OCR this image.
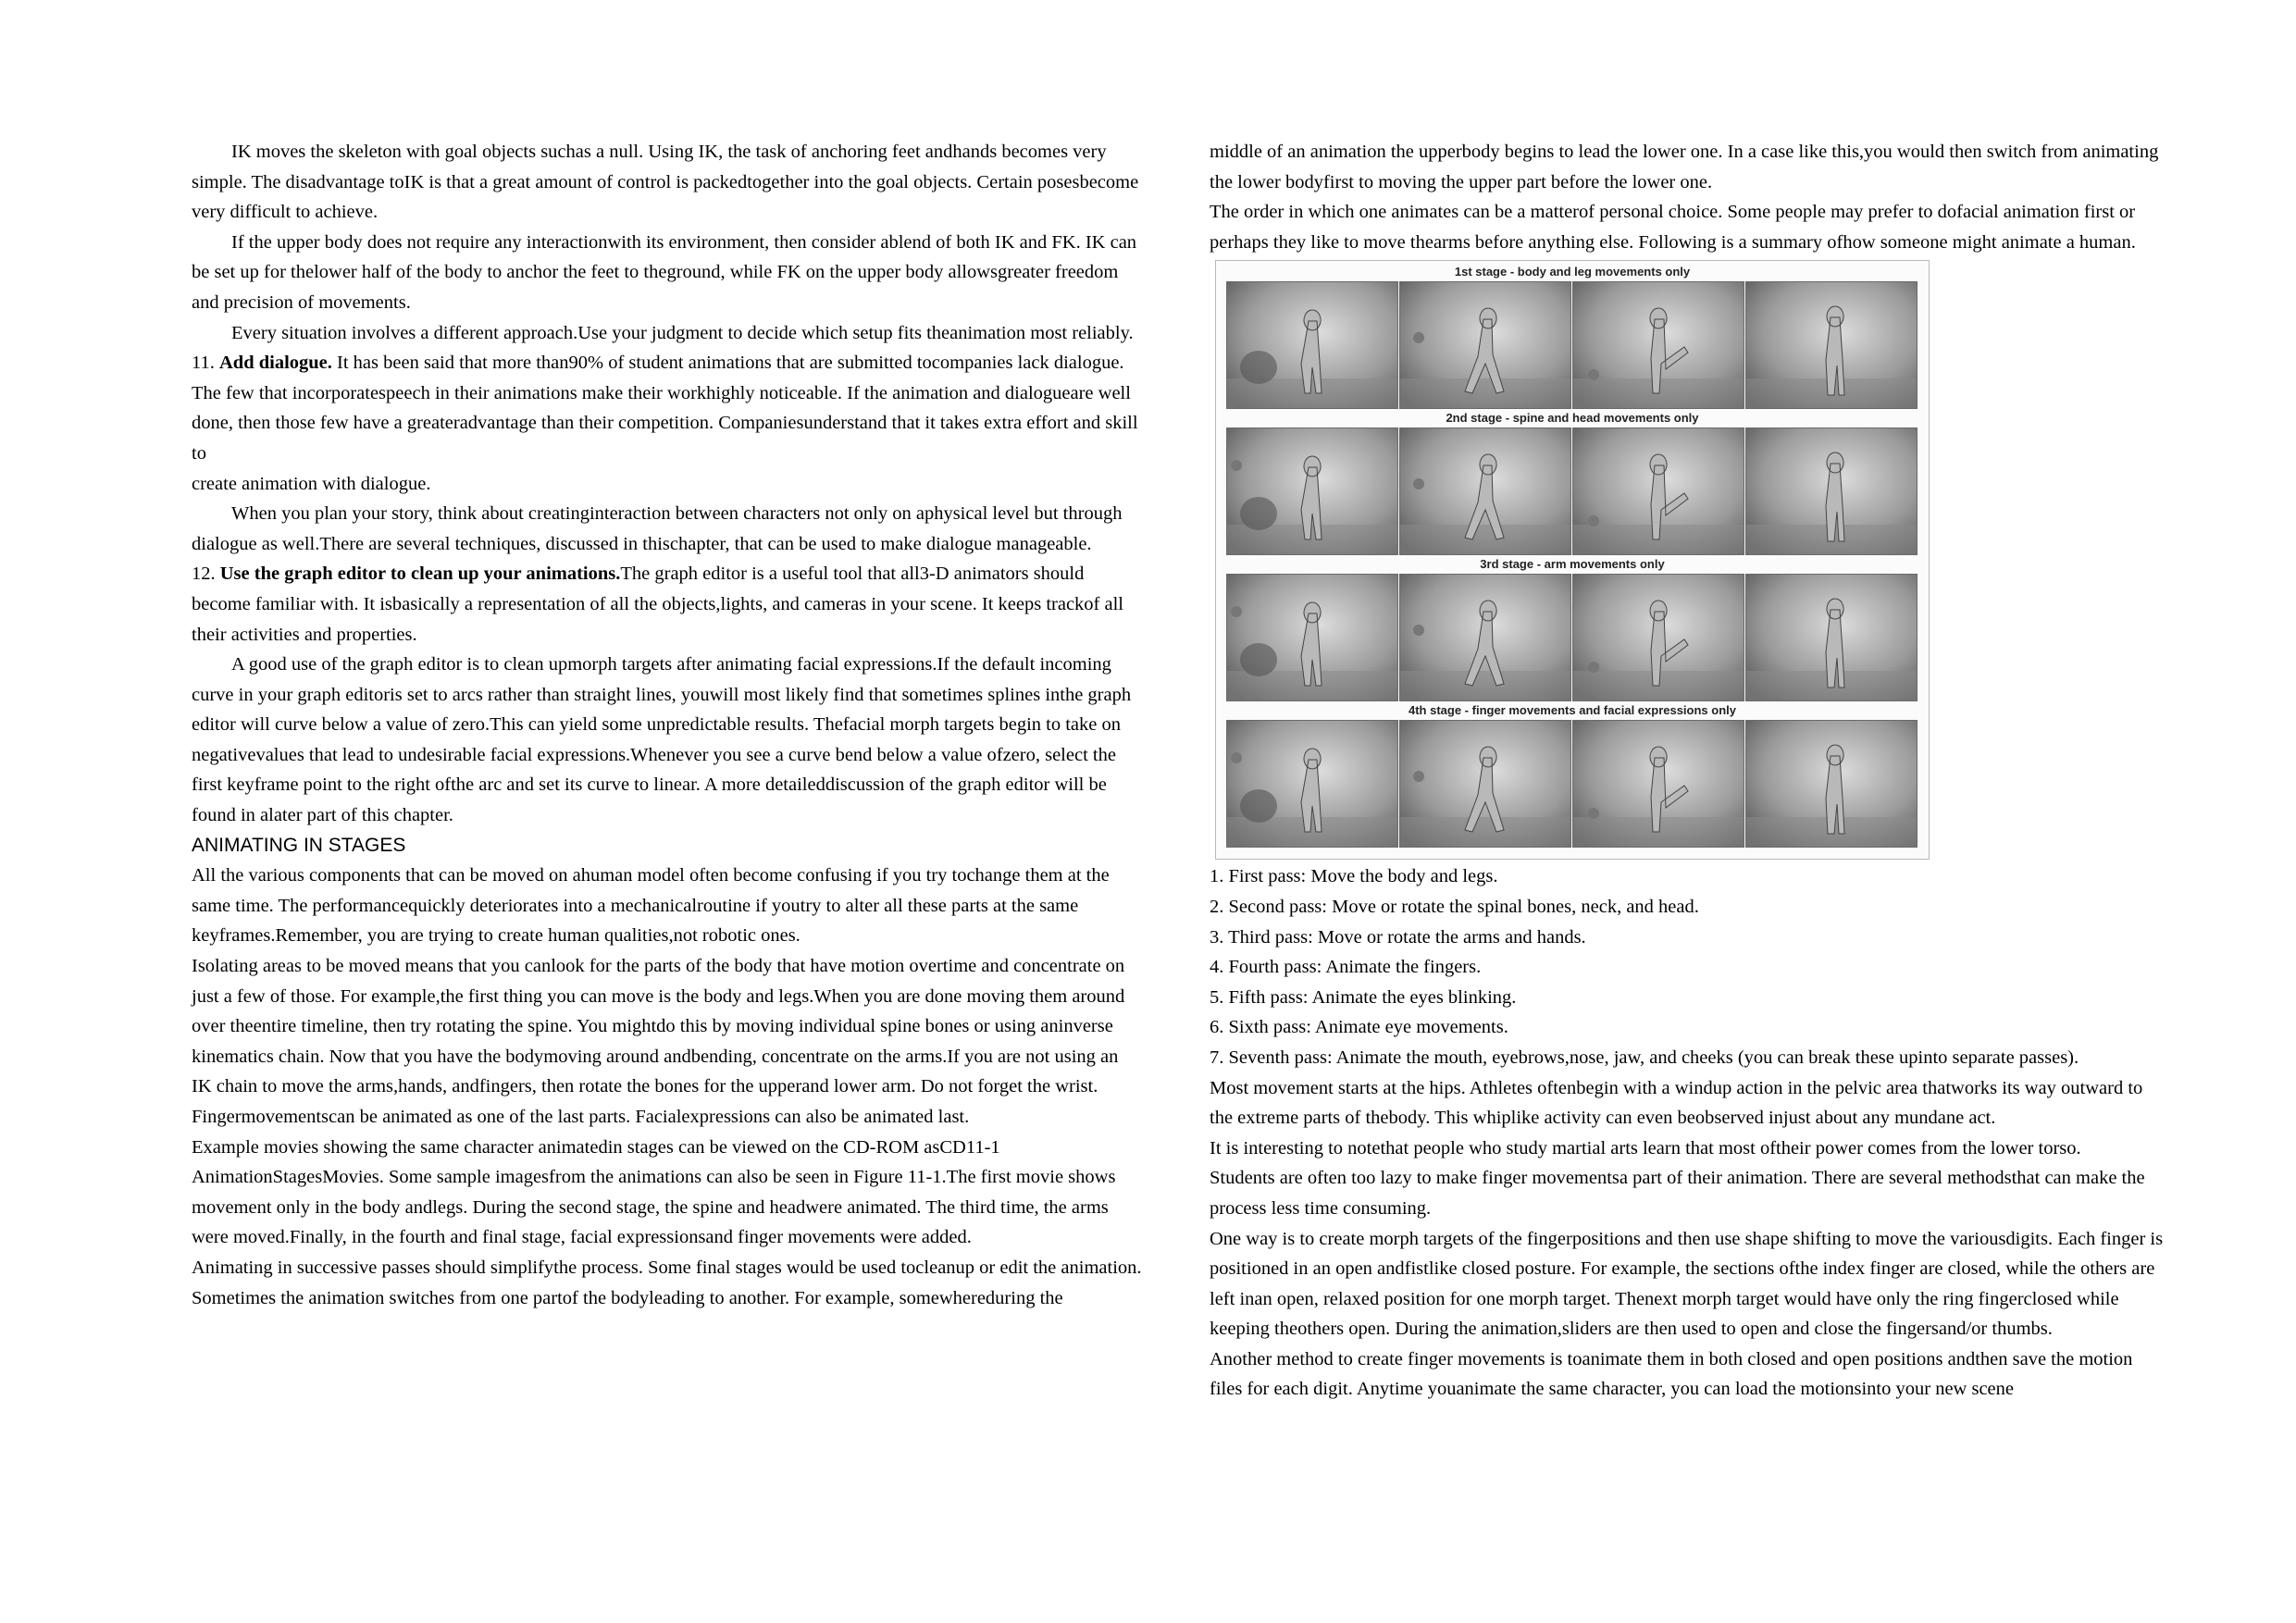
IK moves the skeleton with goal objects suchas a null. Using IK, the task of anchoring feet andhands becomes very simple. The disadvantage toIK is that a great amount of control is packedtogether into the goal objects. Certain posesbecome very difficult to achieve.

If the upper body does not require any interactionwith its environment, then consider ablend of both IK and FK. IK can be set up for thelower half of the body to anchor the feet to theground, while FK on the upper body allowsgreater freedom and precision of movements.

Every situation involves a different approach.Use your judgment to decide which setup fits theanimation most reliably.

11. Add dialogue. It has been said that more than90% of student animations that are submitted tocompanies lack dialogue. The few that incorporatespeech in their animations make their workhighly noticeable. If the animation and dialogueare well done, then those few have a greateradvantage than their competition. Companiesunderstand that it takes extra effort and skill to

create animation with dialogue.

When you plan your story, think about creatinginteraction between characters not only on aphysical level but through dialogue as well.There are several techniques, discussed in thischapter, that can be used to make dialogue manageable.

12. Use the graph editor to clean up your animations.The graph editor is a useful tool that all3-D animators should become familiar with. It isbasically a representation of all the objects,lights, and cameras in your scene. It keeps trackof all their activities and properties.

A good use of the graph editor is to clean upmorph targets after animating facial expressions.If the default incoming curve in your graph editoris set to arcs rather than straight lines, youwill most likely find that sometimes splines inthe graph editor will curve below a value of zero.This can yield some unpredictable results. Thefacial morph targets begin to take on negativevalues that lead to undesirable facial expressions.Whenever you see a curve bend below a value ofzero, select the first keyframe point to the right ofthe arc and set its curve to linear. A more detaileddiscussion of the graph editor will be found in alater part of this chapter.

ANIMATING IN STAGES

All the various components that can be moved on ahuman model often become confusing if you try tochange them at the same time. The performancequickly deteriorates into a mechanicalroutine if youtry to alter all these parts at the same keyframes.Remember, you are trying to create human qualities,not robotic ones.

Isolating areas to be moved means that you canlook for the parts of the body that have motion overtime and concentrate on just a few of those. For example,the first thing you can move is the body and legs.When you are done moving them around over theentire timeline, then try rotating the spine. You mightdo this by moving individual spine bones or using aninverse kinematics chain. Now that you have the bodymoving around andbending, concentrate on the arms.If you are not using an IK chain to move the arms,hands, andfingers, then rotate the bones for the upperand lower arm. Do not forget the wrist. Fingermovementscan be animated as one of the last parts. Facialexpressions can also be animated last.

Example movies showing the same character animatedin stages can be viewed on the CD-ROM asCD11-1 AnimationStagesMovies. Some sample imagesfrom the animations can also be seen in Figure 11-1.The first movie shows movement only in the body andlegs. During the second stage, the spine and headwere animated. The third time, the arms were moved.Finally, in the fourth and final stage, facial expressionsand finger movements were added.

Animating in successive passes should simplifythe process. Some final stages would be used tocleanup or edit the animation.

Sometimes the animation switches from one partof the bodyleading to another. For example, somewhereduring the

middle of an animation the upperbody begins to lead the lower one. In a case like this,you would then switch from animating the lower bodyfirst to moving the upper part before the lower one.

The order in which one animates can be a matterof personal choice. Some people may prefer to dofacial animation first or perhaps they like to move thearms before anything else. Following is a summary ofhow someone might animate a human.

1st stage - body and leg movements only
2nd stage - spine and head movements only
3rd stage - arm movements only
4th stage - finger movements and facial expressions only

1. First pass: Move the body and legs.

2. Second pass: Move or rotate the spinal bones, neck, and head.

3. Third pass: Move or rotate the arms and hands.

4. Fourth pass: Animate the fingers.

5. Fifth pass: Animate the eyes blinking.

6. Sixth pass: Animate eye movements.

7. Seventh pass: Animate the mouth, eyebrows,nose, jaw, and cheeks (you can break these upinto separate passes).

Most movement starts at the hips. Athletes oftenbegin with a windup action in the pelvic area thatworks its way outward to the extreme parts of thebody. This whiplike activity can even beobserved injust about any mundane act.

It is interesting to notethat people who study martial arts learn that most oftheir power comes from the lower torso.

Students are often too lazy to make finger movementsa part of their animation. There are several methodsthat can make the process less time consuming.

One way is to create morph targets of the fingerpositions and then use shape shifting to move the variousdigits. Each finger is positioned in an open andfistlike closed posture. For example, the sections ofthe index finger are closed, while the others are left inan open, relaxed position for one morph target. Thenext morph target would have only the ring fingerclosed while keeping theothers open. During the animation,sliders are then used to open and close the fingersand/or thumbs.

Another method to create finger movements is toanimate them in both closed and open positions andthen save the motion files for each digit. Anytime youanimate the same character, you can load the motionsinto your new scene
